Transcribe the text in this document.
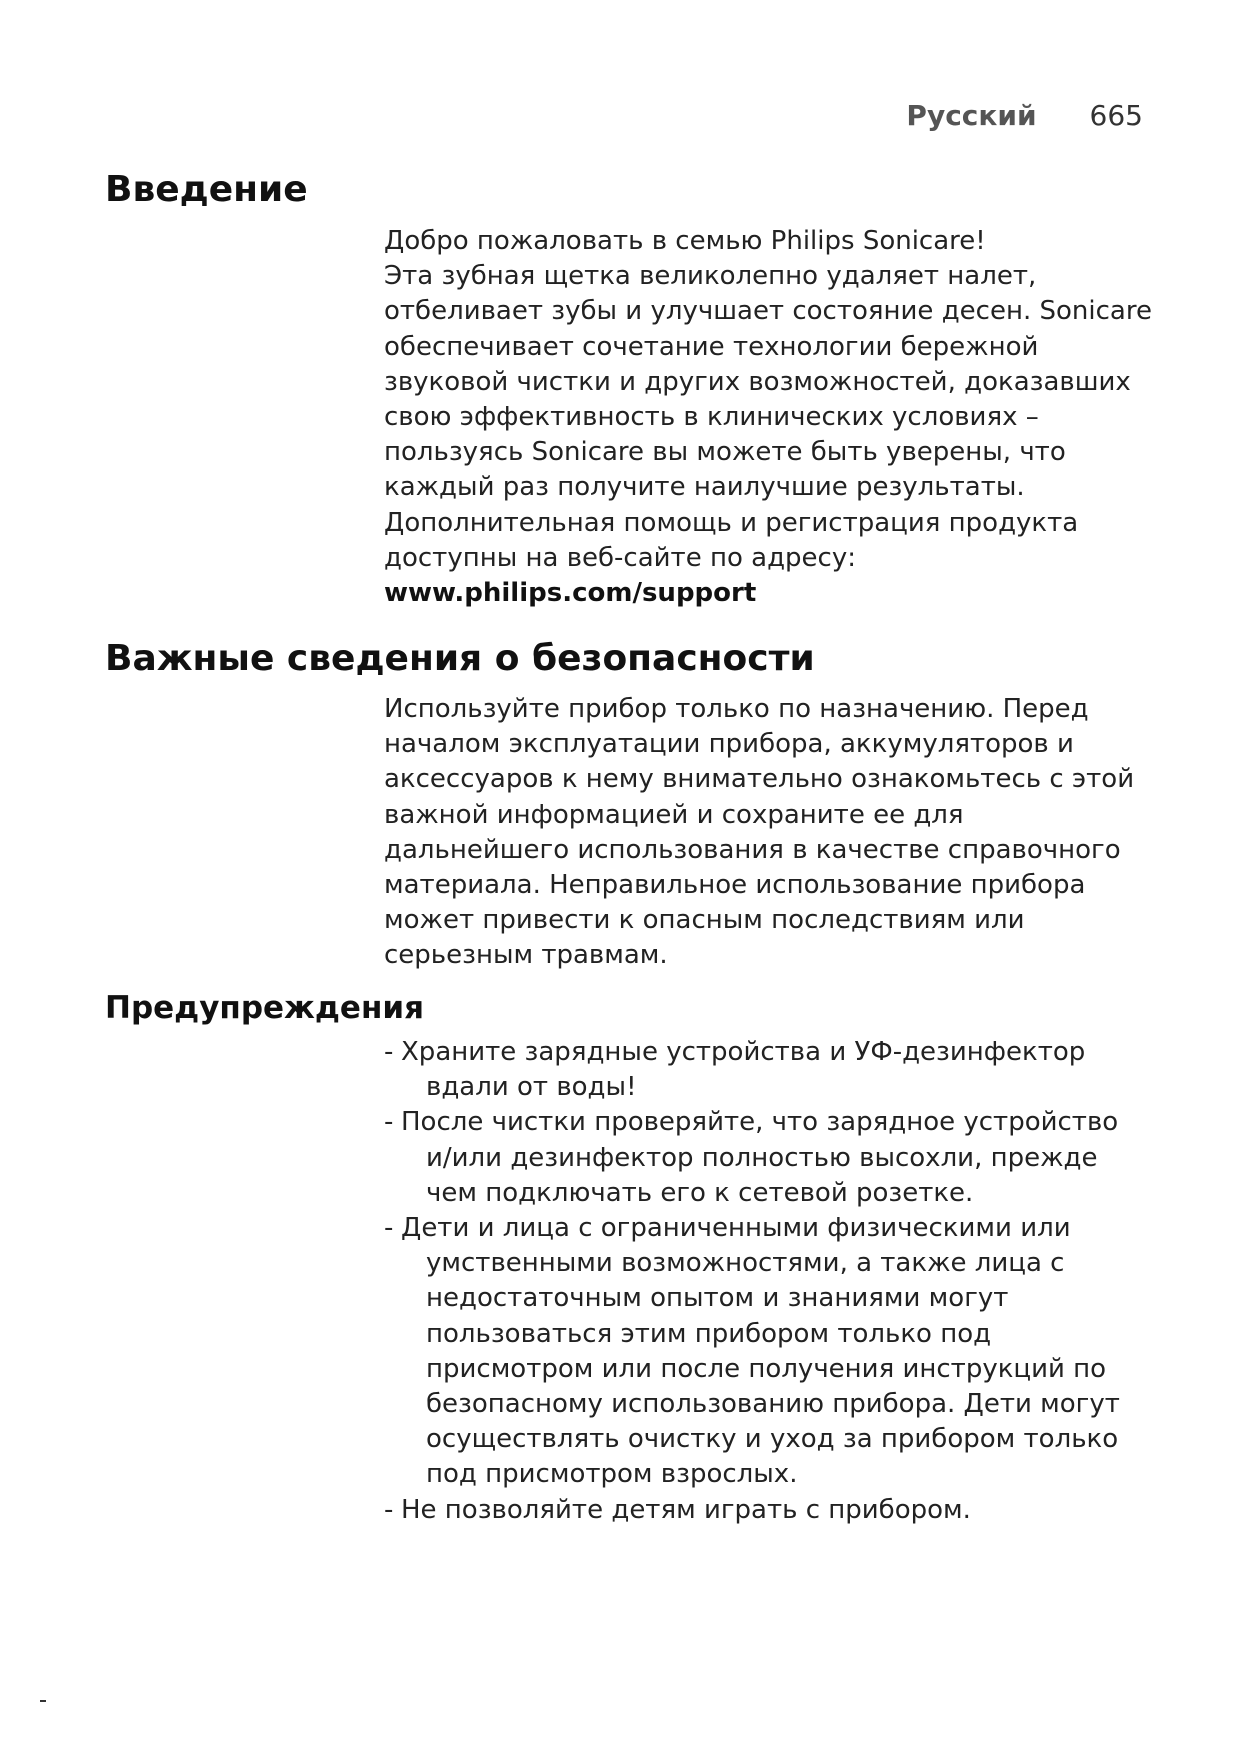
Русский 665
Введение

Добро пожаловать в семью Philips Sonicare!

Эта зубная щетка великолепно удаляет налет,

отбеливает зубы и улучшает состояние десен. Sonicare

обеспечивает сочетание технологии бережной

звуковой чистки и других возможностей, доказавших

свою эффективность в клинических условиях –

пользуясь Sonicare вы можете быть уверены, что

каждый раз получите наилучшие результаты.

Дополнительная помощь и регистрация продукта

доступны на веб-сайте по адресу:

www.philips.com/support

Важные сведения о безопасности

Используйте прибор только по назначению. Перед

началом эксплуатации прибора, аккумуляторов и

аксессуаров к нему внимательно ознакомьтесь с этой

важной информацией и сохраните ее для

дальнейшего использования в качестве справочного

материала. Неправильное использование прибора

может привести к опасным последствиям или

серьезным травмам.

Предупреждения
- Храните зарядные устройства и УФ-дезинфектор
вдали от воды!
- После чистки проверяйте, что зарядное устройство
и/или дезинфектор полностью высохли, прежде
чем подключать его к сетевой розетке.
- Дети и лица с ограниченными физическими или
умственными возможностями, а также лица с
недостаточным опытом и знаниями могут
пользоваться этим прибором только под
присмотром или после получения инструкций по
безопасному использованию прибора. Дети могут
осуществлять очистку и уход за прибором только
под присмотром взрослых.
- Не позволяйте детям играть с прибором.
